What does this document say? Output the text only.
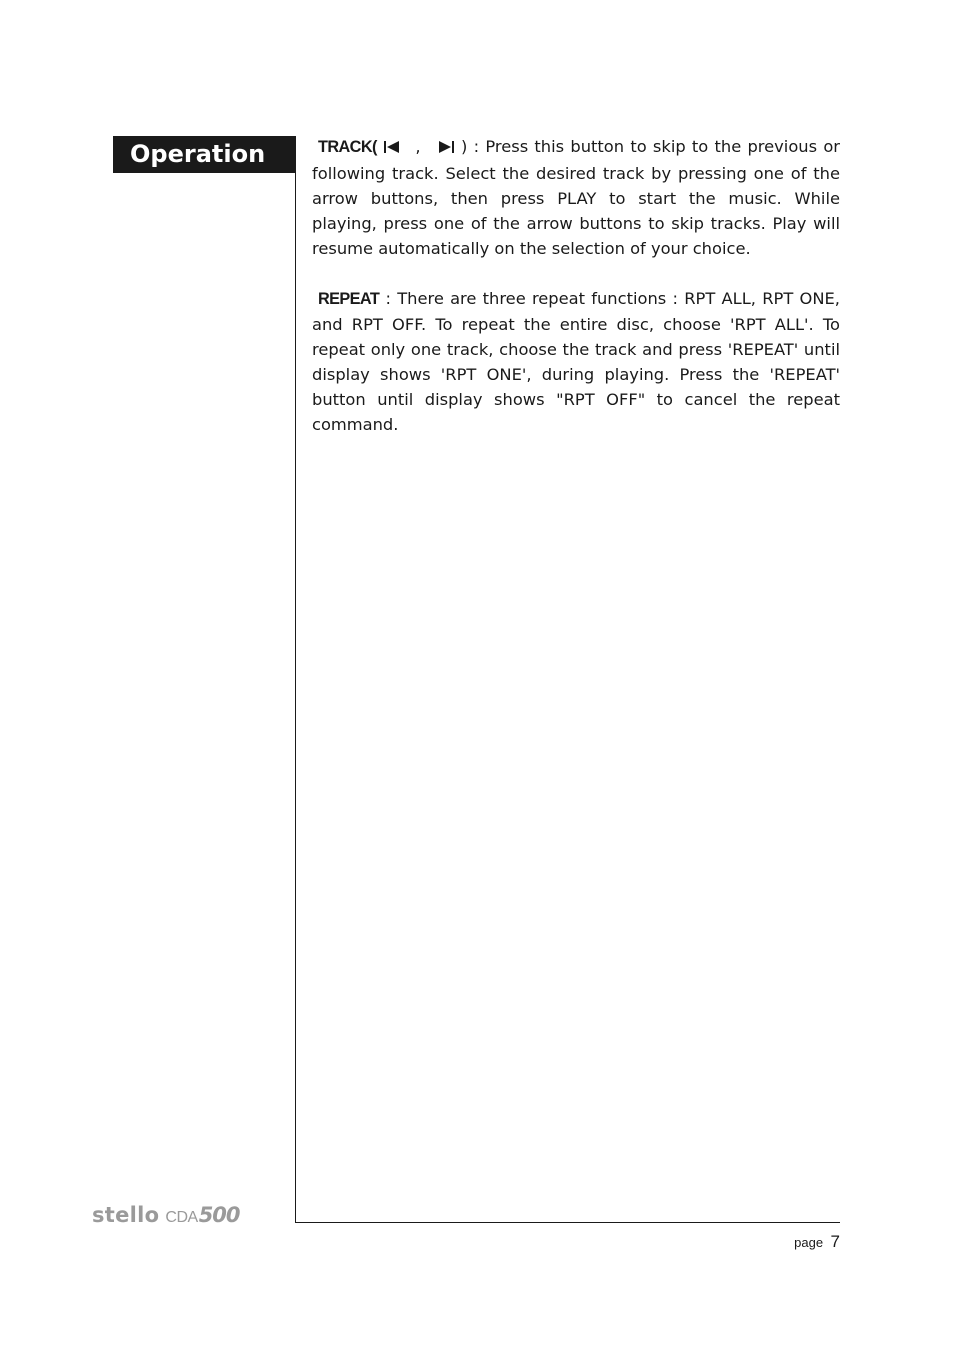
Operation	TRACK( , ) : Press this button to skip to the previous or following track. Select the desired track by pressing one of the arrow buttons, then press PLAY to start the music. While playing, press one of the arrow buttons to skip tracks. Play will resume automatically on the selection of your choice.

REPEAT : There are three repeat functions : RPT ALL, RPT ONE, and RPT OFF. To repeat the entire disc, choose 'RPT ALL'. To repeat only one track, choose the track and press 'REPEAT' until display shows 'RPT ONE', during playing. Press the 'REPEAT' button until display shows "RPT OFF" to cancel the repeat command.

stello CDA 500
page 7
